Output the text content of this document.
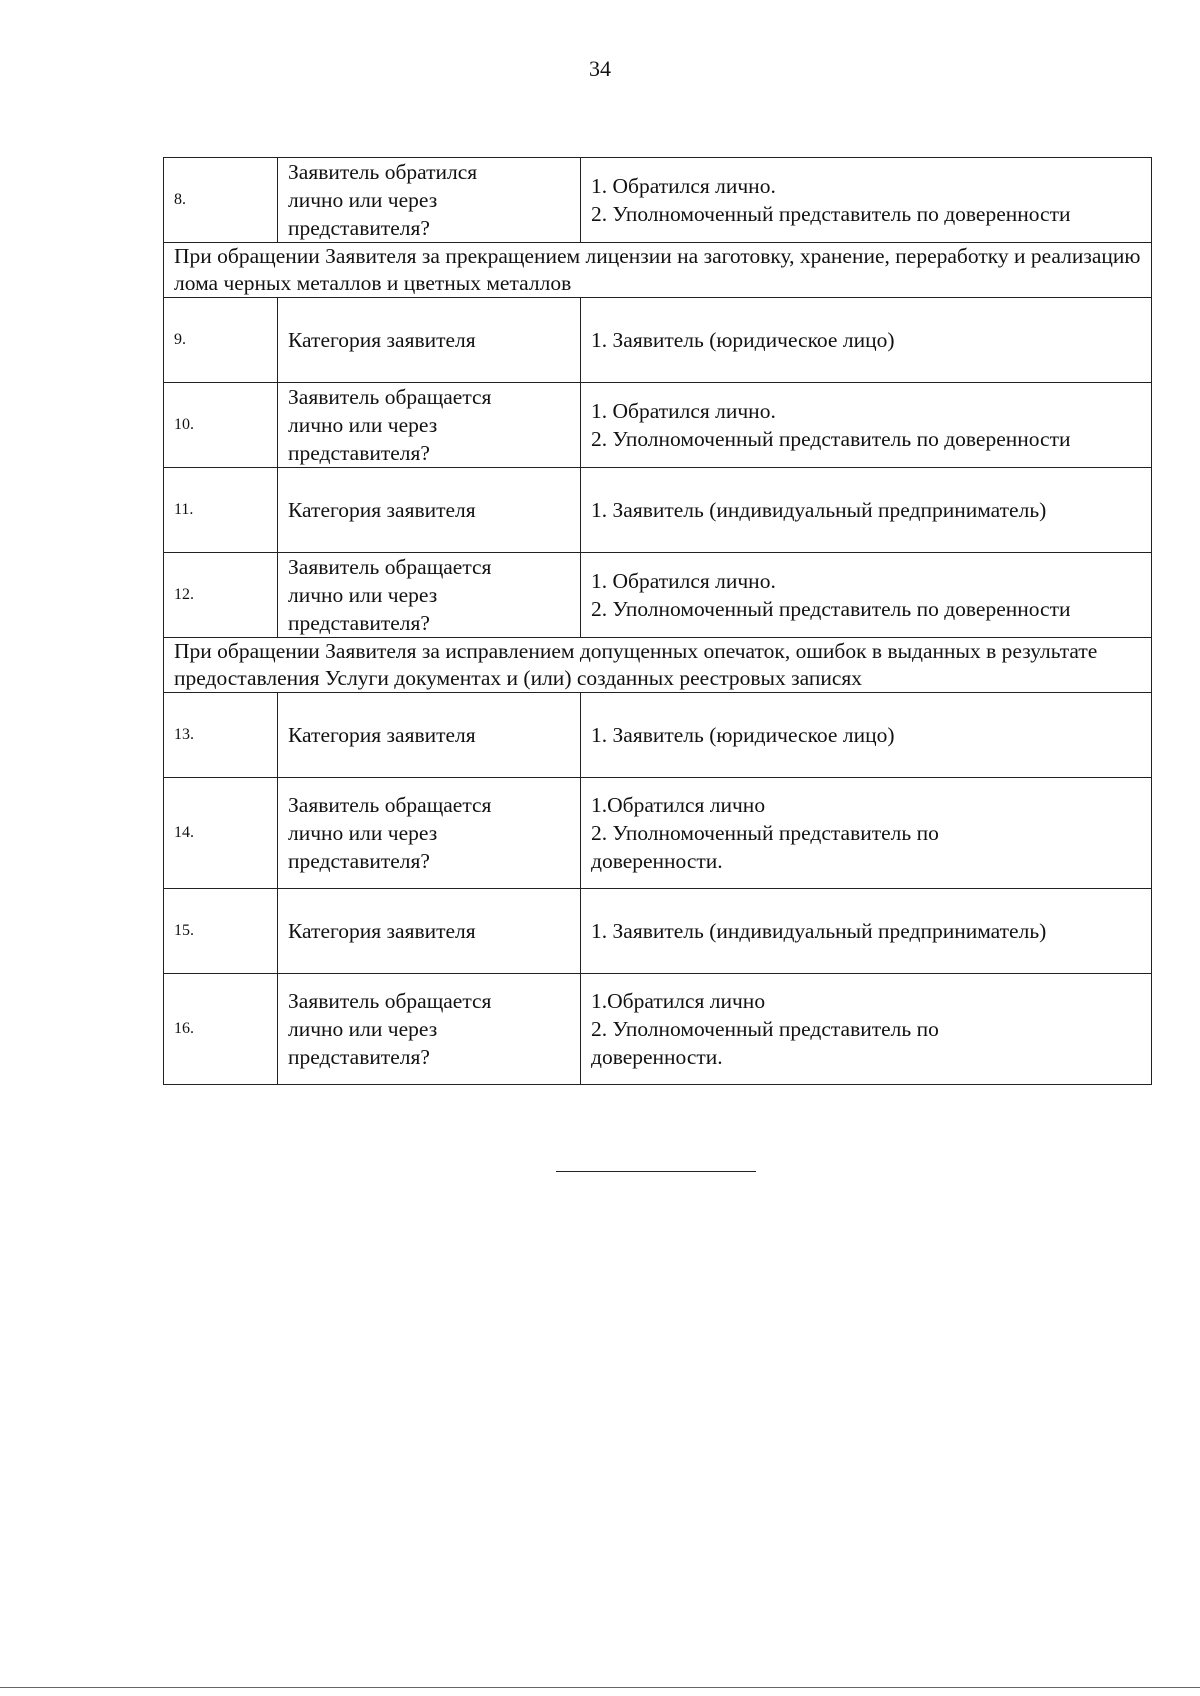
34
8.	Заявитель обратился
лично или через
представителя?	1. Обратился лично.
2. Уполномоченный представитель по доверенности

При обращении Заявителя за прекращением лицензии на заготовку, хранение, переработку и реализацию лома черных металлов и цветных металлов		
9.	Категория заявителя	1. Заявитель (юридическое лицо)

10.	Заявитель обращается
лично или через
представителя?	1. Обратился лично.
2. Уполномоченный представитель по доверенности

11.	Категория заявителя	1. Заявитель (индивидуальный предприниматель)

12.	Заявитель обращается
лично или через
представителя?	1. Обратился лично.
2. Уполномоченный представитель по доверенности

При обращении Заявителя за исправлением допущенных опечаток, ошибок в выданных в результате предоставления Услуги документах и (или) созданных реестровых записях		
13.	Категория заявителя	1. Заявитель (юридическое лицо)

14.	Заявитель обращается
лично или через
представителя?	1.Обратился лично
2. Уполномоченный представитель по
доверенности.

15.	Категория заявителя	1. Заявитель (индивидуальный предприниматель)

16.	Заявитель обращается
лично или через
представителя?	1.Обратился лично
2. Уполномоченный представитель по
доверенности.
